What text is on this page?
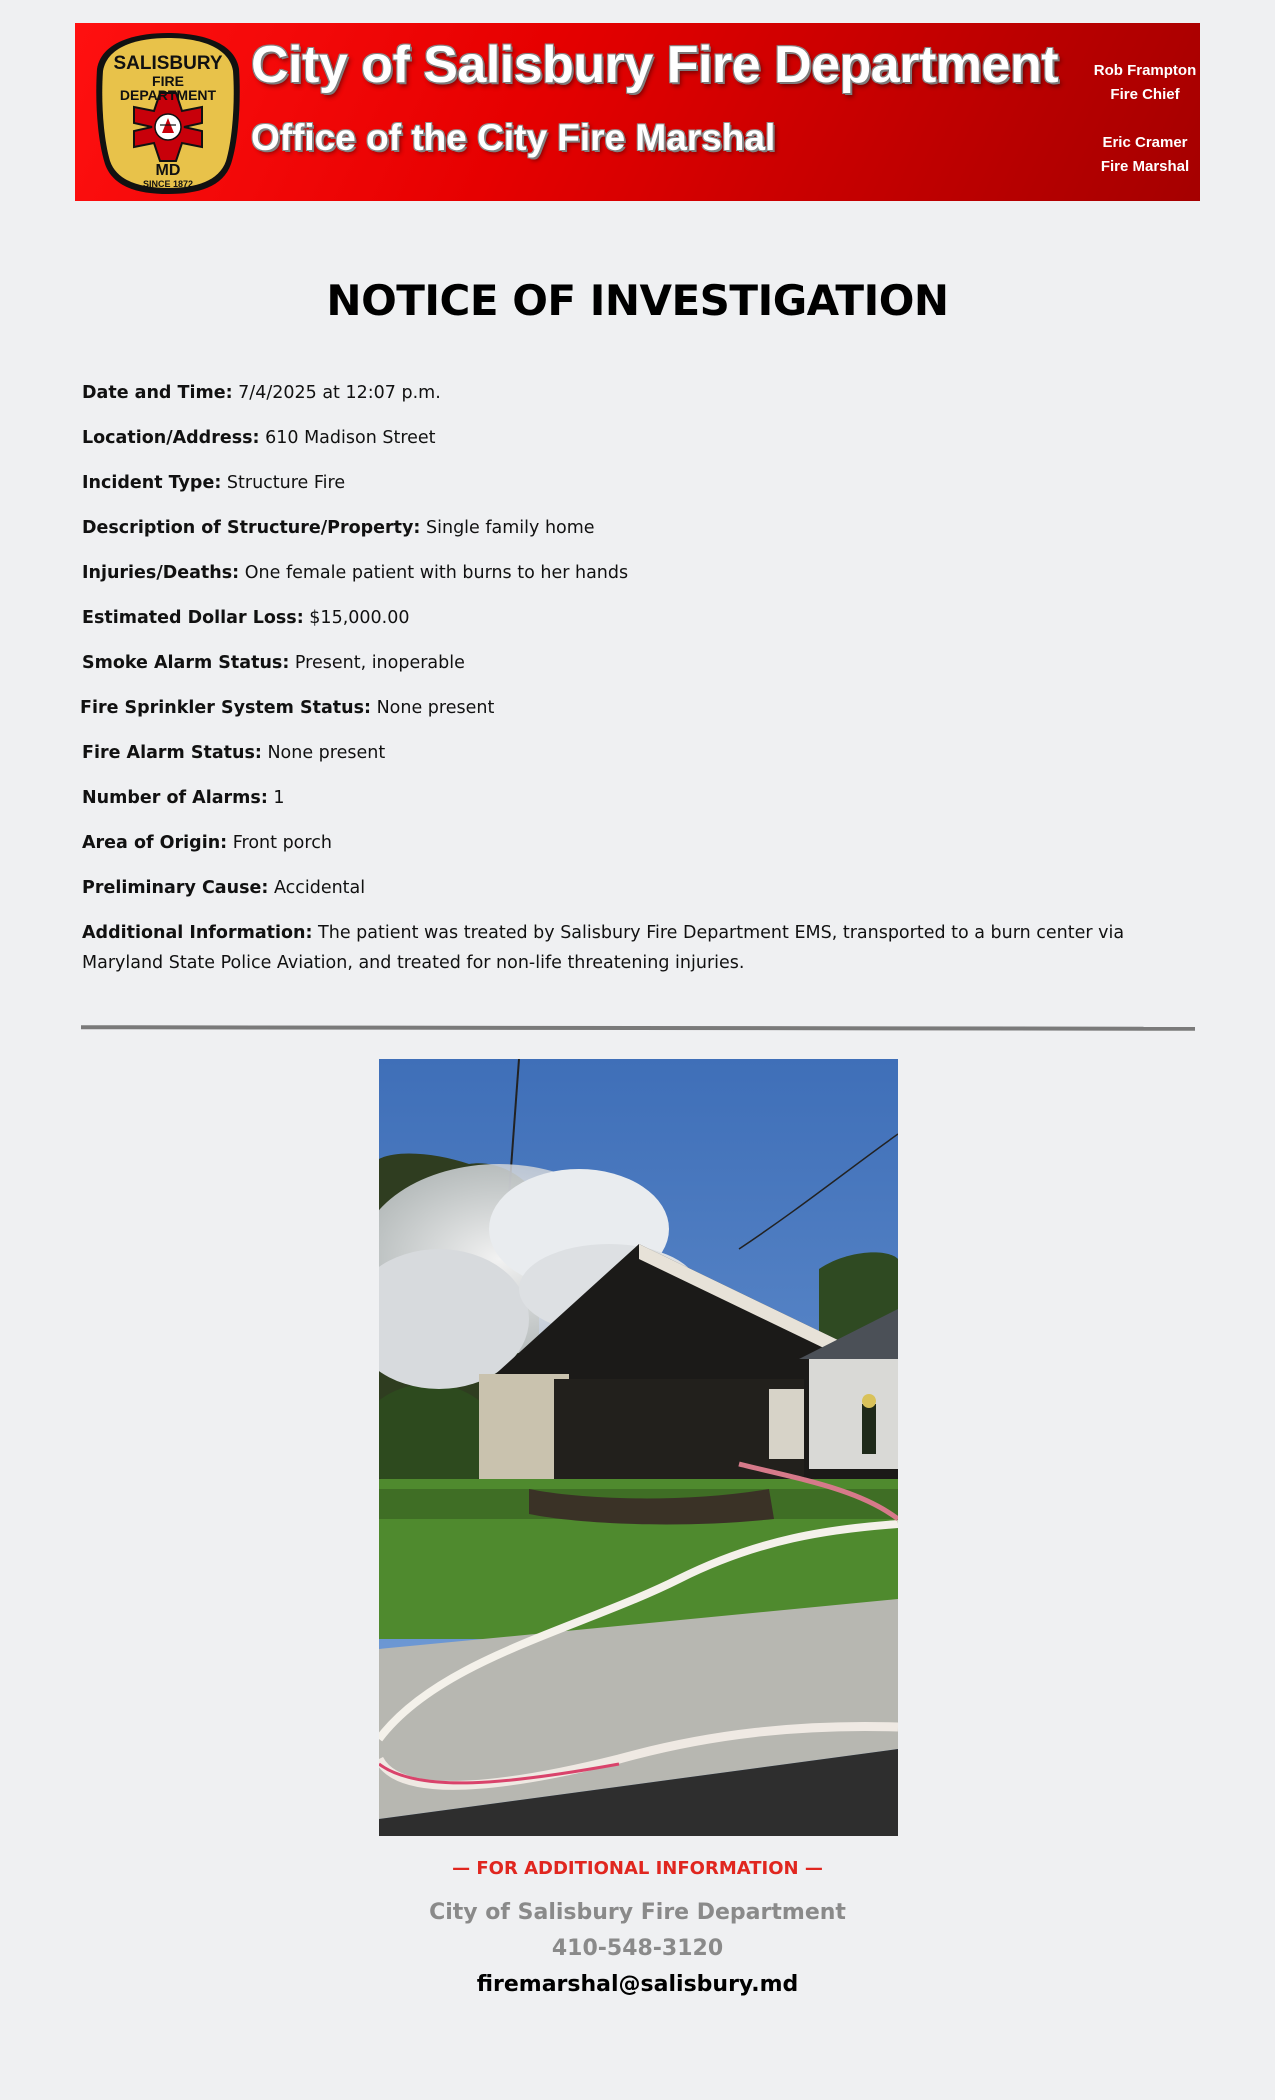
SALISBURY
FIRE
DEPARTMENT
MD
SINCE 1872
City of Salisbury Fire Department
Office of the City Fire Marshal
Rob Frampton
Fire Chief
Eric Cramer
Fire Marshal
NOTICE OF INVESTIGATION
Date and Time: 7/4/2025 at 12:07 p.m.
Location/Address: 610 Madison Street
Incident Type: Structure Fire
Description of Structure/Property: Single family home
Injuries/Deaths: One female patient with burns to her hands
Estimated Dollar Loss: $15,000.00
Smoke Alarm Status: Present, inoperable
Fire Sprinkler System Status: None present
Fire Alarm Status: None present
Number of Alarms: 1
Area of Origin: Front porch
Preliminary Cause: Accidental
Additional Information: The patient was treated by Salisbury Fire Department EMS, transported to a burn center via Maryland State Police Aviation, and treated for non-life threatening injuries.
— FOR ADDITIONAL INFORMATION —
City of Salisbury Fire Department
410-548-3120
firemarshal@salisbury.md
